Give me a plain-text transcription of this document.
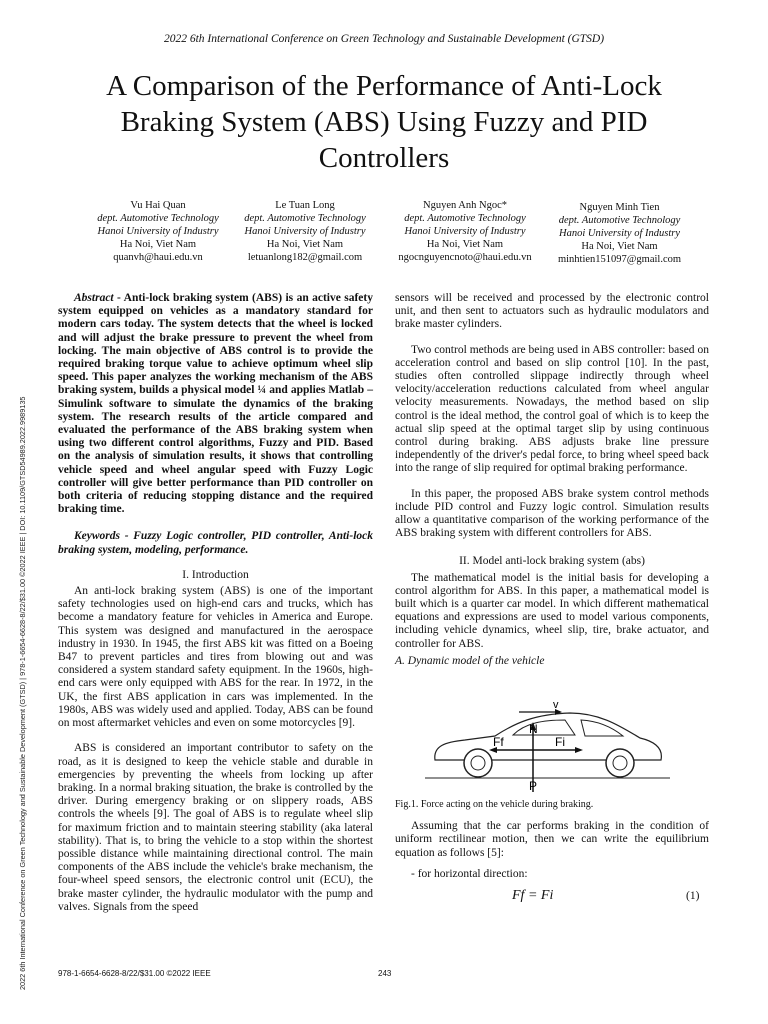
2022 6th International Conference on Green Technology and Sustainable Development (GTSD)
A Comparison of the Performance of Anti-Lock Braking System (ABS) Using Fuzzy and PID Controllers
Vu Hai Quan
dept. Automotive Technology
Hanoi University of Industry
Ha Noi, Viet Nam
quanvh@haui.edu.vn
Le Tuan Long
dept. Automotive Technology
Hanoi University of Industry
Ha Noi, Viet Nam
letuanlong182@gmail.com
Nguyen Anh Ngoc*
dept. Automotive Technology
Hanoi University of Industry
Ha Noi, Viet Nam
ngocnguyencnoto@haui.edu.vn
Nguyen Minh Tien
dept. Automotive Technology
Hanoi University of Industry
Ha Noi, Viet Nam
minhtien151097@gmail.com
2022 6th International Conference on Green Technology and Sustainable Development (GTSD) | 978-1-6654-6628-8/22/$31.00 ©2022 IEEE | DOI: 10.1109/GTSD54989.2022.9989135

Abstract - Anti-lock braking system (ABS) is an active safety system equipped on vehicles as a mandatory standard for modern cars today. The system detects that the wheel is locked and will adjust the brake pressure to prevent the wheel from locking. The main objective of ABS control is to provide the required braking torque value to achieve optimum wheel slip speed. This paper analyzes the working mechanism of the ABS braking system, builds a physical model ¼ and applies Matlab – Simulink software to simulate the dynamics of the braking system. The research results of the article compared and evaluated the performance of the ABS braking system when using two different control algorithms, Fuzzy and PID. Based on the analysis of simulation results, it shows that controlling vehicle speed and wheel angular speed with Fuzzy Logic controller will give better performance than PID controller on both criteria of reducing stopping distance and the required braking time.

Keywords - Fuzzy Logic controller, PID controller, Anti-lock braking system, modeling, performance.

I. Introduction

An anti-lock braking system (ABS) is one of the important safety technologies used on high-end cars and trucks, which has become a mandatory feature for vehicles in America and Europe. This system was designed and manufactured in the aerospace industry in 1930. In 1945, the first ABS kit was fitted on a Boeing B47 to prevent particles and tires from blowing out and was considered a system standard safety equipment. In the 1960s, high-end cars were only equipped with ABS for the rear. In 1972, in the UK, the first ABS application in cars was implemented. In the 1980s, ABS was widely used and applied. Today, ABS can be found on most aftermarket vehicles and even on some motorcycles [9].

ABS is considered an important contributor to safety on the road, as it is designed to keep the vehicle stable and durable in emergencies by preventing the wheels from locking up after braking. In a normal braking situation, the brake is controlled by the driver. During emergency braking or on slippery roads, ABS controls the wheels [9]. The goal of ABS is to regulate wheel slip for maximum friction and to maintain steering stability (aka lateral stability). That is, to bring the vehicle to a stop within the shortest possible distance while maintaining directional control. The main components of the ABS include the vehicle's brake mechanism, the four-wheel speed sensors, the electronic control unit (ECU), the brake master cylinder, the hydraulic modulator with the pump and valves. Signals from the speed

sensors will be received and processed by the electronic control unit, and then sent to actuators such as hydraulic modulators and brake master cylinders.

Two control methods are being used in ABS controller: based on acceleration control and based on slip control [10]. In the past, studies often controlled slippage indirectly through wheel velocity/acceleration reductions calculated from wheel angular velocity measurements. Nowadays, the method based on slip control is the ideal method, the control goal of which is to keep the actual slip speed at the optimal target slip by using continuous control during braking. ABS adjusts brake line pressure independently of the driver's pedal force, to bring wheel speed back into the range of slip required for optimal braking performance.

In this paper, the proposed ABS brake system control methods include PID control and Fuzzy logic control. Simulation results allow a quantitative comparison of the working performance of the ABS braking system with different controllers for ABS.

II. Model anti-lock braking system (abs)

The mathematical model is the initial basis for developing a control algorithm for ABS. In this paper, a mathematical model is built which is a quarter car model. In which different mathematical equations and expressions are used to model various components, including vehicle dynamics, wheel slip, tire, brake actuator, and controller for ABS.

A. Dynamic model of the vehicle

v
N
Ff	Fi
P

Fig.1. Force acting on the vehicle during braking.

Assuming that the car performs braking in the condition of uniform rectilinear motion, then we can write the equilibrium equation as follows [5]:

- for horizontal direction:

Ff = Fi	(1)
978-1-6654-6628-8/22/$31.00 ©2022 IEEE	243
